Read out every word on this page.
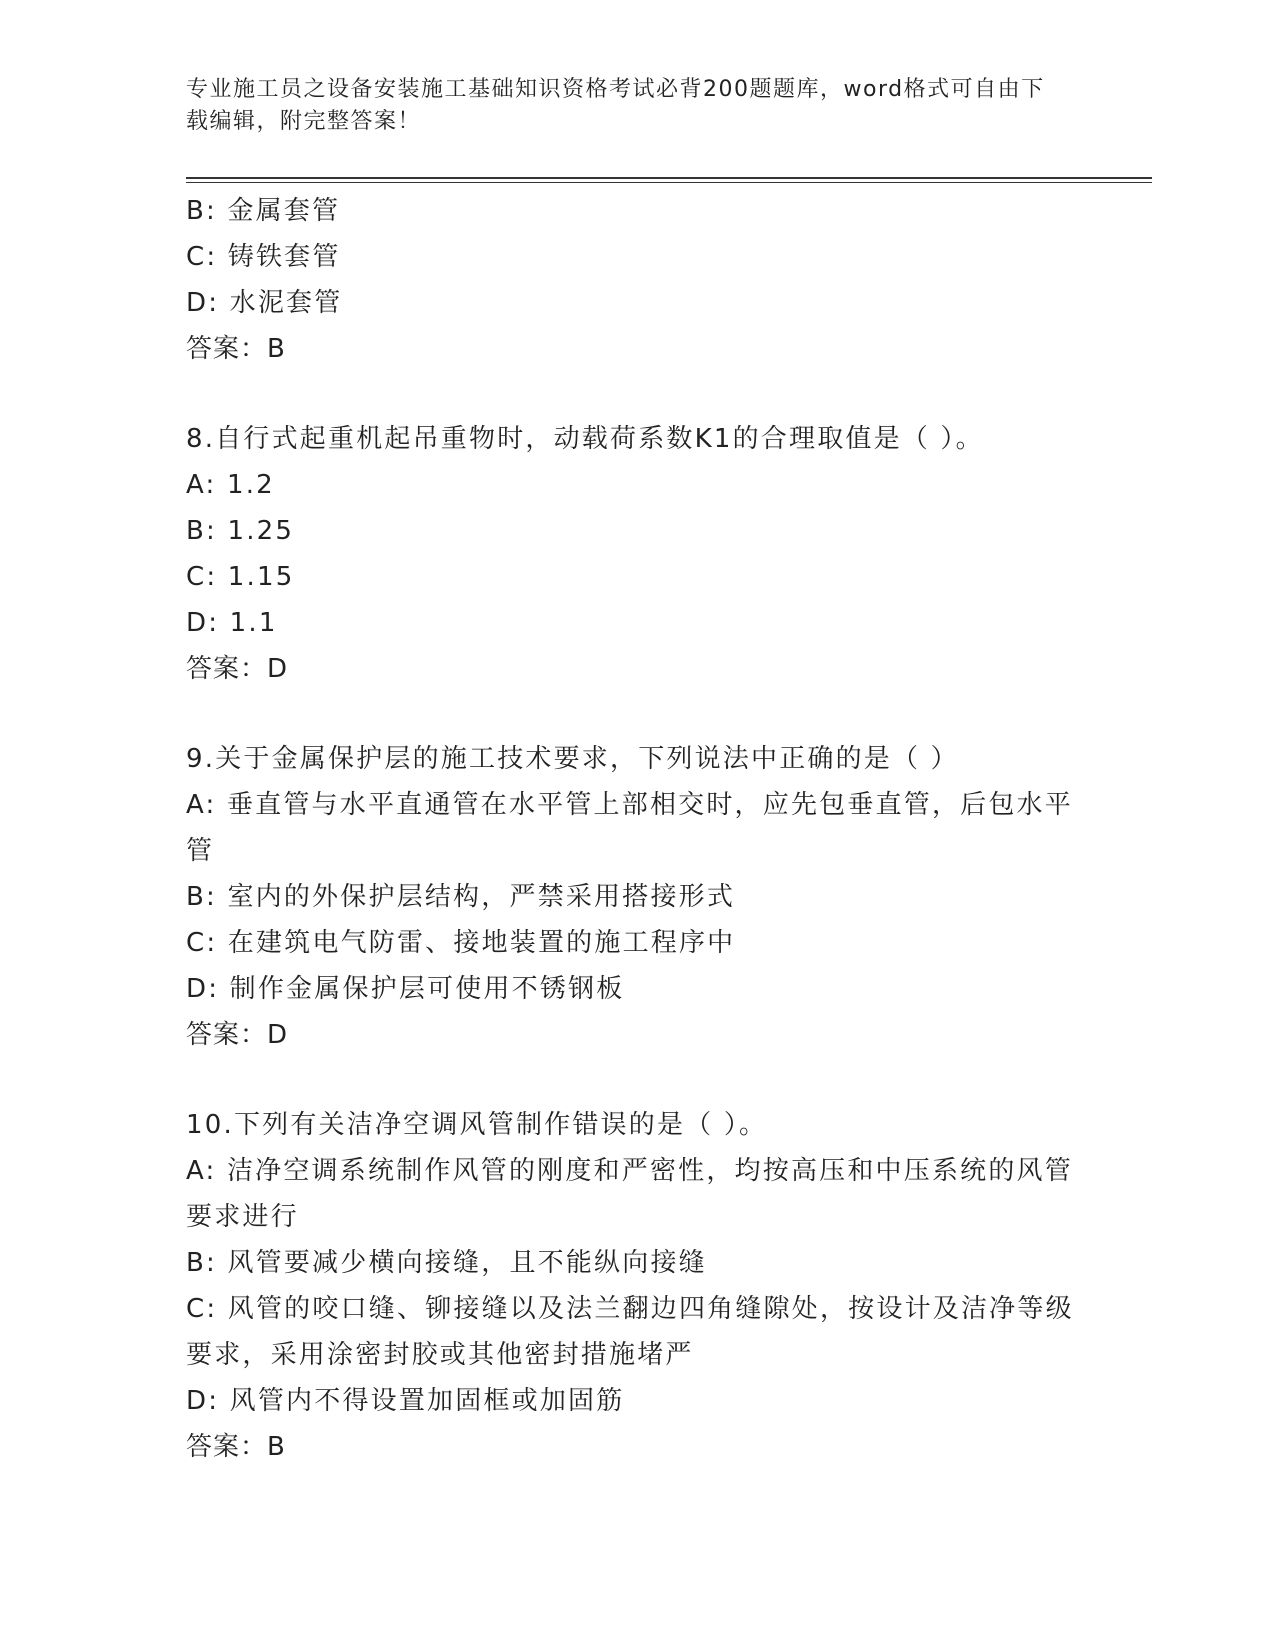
专业施工员之设备安装施工基础知识资格考试必背200题题库，word格式可自由下载编辑，附完整答案！
B: 金属套管
C: 铸铁套管
D: 水泥套管
答案：B
8.自行式起重机起吊重物时，动载荷系数K1的合理取值是（ ）。
A: 1.2
B: 1.25
C: 1.15
D: 1.1
答案：D
9.关于金属保护层的施工技术要求，下列说法中正确的是（ ）
A: 垂直管与水平直通管在水平管上部相交时，应先包垂直管，后包水平管
B: 室内的外保护层结构，严禁采用搭接形式
C: 在建筑电气防雷、接地装置的施工程序中
D: 制作金属保护层可使用不锈钢板
答案：D
10.下列有关洁净空调风管制作错误的是（ ）。
A: 洁净空调系统制作风管的刚度和严密性，均按高压和中压系统的风管要求进行
B: 风管要减少横向接缝，且不能纵向接缝
C: 风管的咬口缝、铆接缝以及法兰翻边四角缝隙处，按设计及洁净等级要求，采用涂密封胶或其他密封措施堵严
D: 风管内不得设置加固框或加固筋
答案：B
